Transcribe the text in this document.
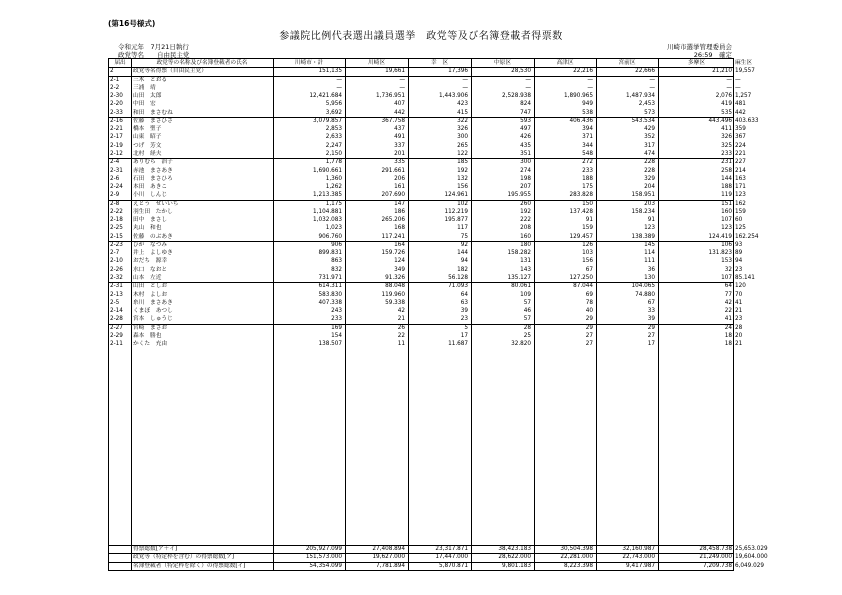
(第16号様式)
参議院比例代表選出議員選挙　政党等及び名簿登載者得票数
令和元年　7月21日執行
政党等名　　自由民主党
川崎市選挙管理委員会
26:59　確定
届出	政党等の名称及び名簿登載者の氏名	川崎市・計	川崎区	幸　区	中原区	高津区	宮前区	多摩区	麻生区
2	政党等名得票（自由民主党）	151,135	19,661	17,396	28,530	22,216	22,666	21,210 19,557
2-1	三木　とおる	—	—	—	—	—	—	— —
2-2	三浦　靖	—	—	—	—	—	—	— —
2-30	山田　太郎	12,421.684	1,736.951	1,443.906	2,528.938	1,890.965	1,487.934	2,076 1,257
2-20	中田　宏	5,956	407	423	824	949	2,453	419 481
2-33	和田　まさむね	3,692	442	415	747	538	573	535 442
2-16	佐藤　まさひさ	3,079.857	367.758	322	593	406.436	543.534	443.496 403.633
2-21	橋本　聖子	2,853	437	326	497	394	429	411 359
2-17	山東　昭子	2,633	491	300	426	371	352	326 367
2-19	つげ　芳文	2,247	337	265	435	344	317	325 224
2-12	北村　経夫	2,150	201	122	351	548	474	233 221
2-4	ありむら　治子	1,778	335	185	300	272	228	231 227
2-31	赤池　まさあき	1,690.661	291.661	192	274	233	228	258 214
2-6	石田　まさひろ	1,360	206	132	198	188	329	144 163
2-24	本田　あきこ	1,262	161	156	207	175	204	188 171
2-9	小川　しんじ	1,213.385	207.690	124.961	195.955	283.828	158.951	119 123
2-8	えとう　せいいち	1,175	147	102	260	150	203	151 162
2-22	羽生田　たかし	1,104.881	186	112.219	192	137.428	158.234	160 159
2-18	田中　まさし	1,032.083	265.206	195.877	222	91	91	107 60
2-25	丸山　和也	1,023	168	117	208	159	123	123 125
2-15	佐藤　のぶあき	906.760	117.241	75	160	129.457	138.389	124.419 162.254
2-23	ひが　なつみ	906	164	92	180	126	145	106 93
2-7	井上　よしゆき	899.831	159.726	144	158.282	103	114	131.823 89
2-10	おだち　源幸	863	124	94	131	156	111	153 94
2-26	水口　なおと	832	349	182	143	67	36	32 23
2-32	山本　左近	731.971	91.326	56.128	135.127	127.250	130	107 85.141
2-31	山田　としお	614.311	88.048	71.093	80.061	87.044	104.065	64 120
2-13	木村　よしお	583.830	119.960	64	109	69	74.880	77 70
2-5	糸川　まさあき	407.338	59.338	63	57	78	67	42 41
2-14	くまぼ　あつし	243	42	39	46	40	33	22 21
2-28	宮本　しゅうじ	233	21	23	57	29	39	41 23
2-27	宮崎　まさお	169	26	5	28	29	29	24 28
2-29	森本　勝也	154	22	17	25	27	27	18 20
2-11	かくた　充由	138.507	11	11.687	32.820	27	17	18 21
得票総数[ア＋イ]	205,927.099	27,408.894	23,317.871	38,423.183	30,504.398	32,160.987	28,458.738 25,653.029
政党等（特定枠を含む）の得票総数[ア]	151,573.000	19,627.000	17,447.000	28,622.000	22,281.000	22,743.000	21,249.000 19,604.000
名簿登載者（特定枠を除く）の得票総数[イ]	54,354.099	7,781.894	5,870.871	9,801.183	8,223.398	9,417.987	7,209.738 6,049.029
